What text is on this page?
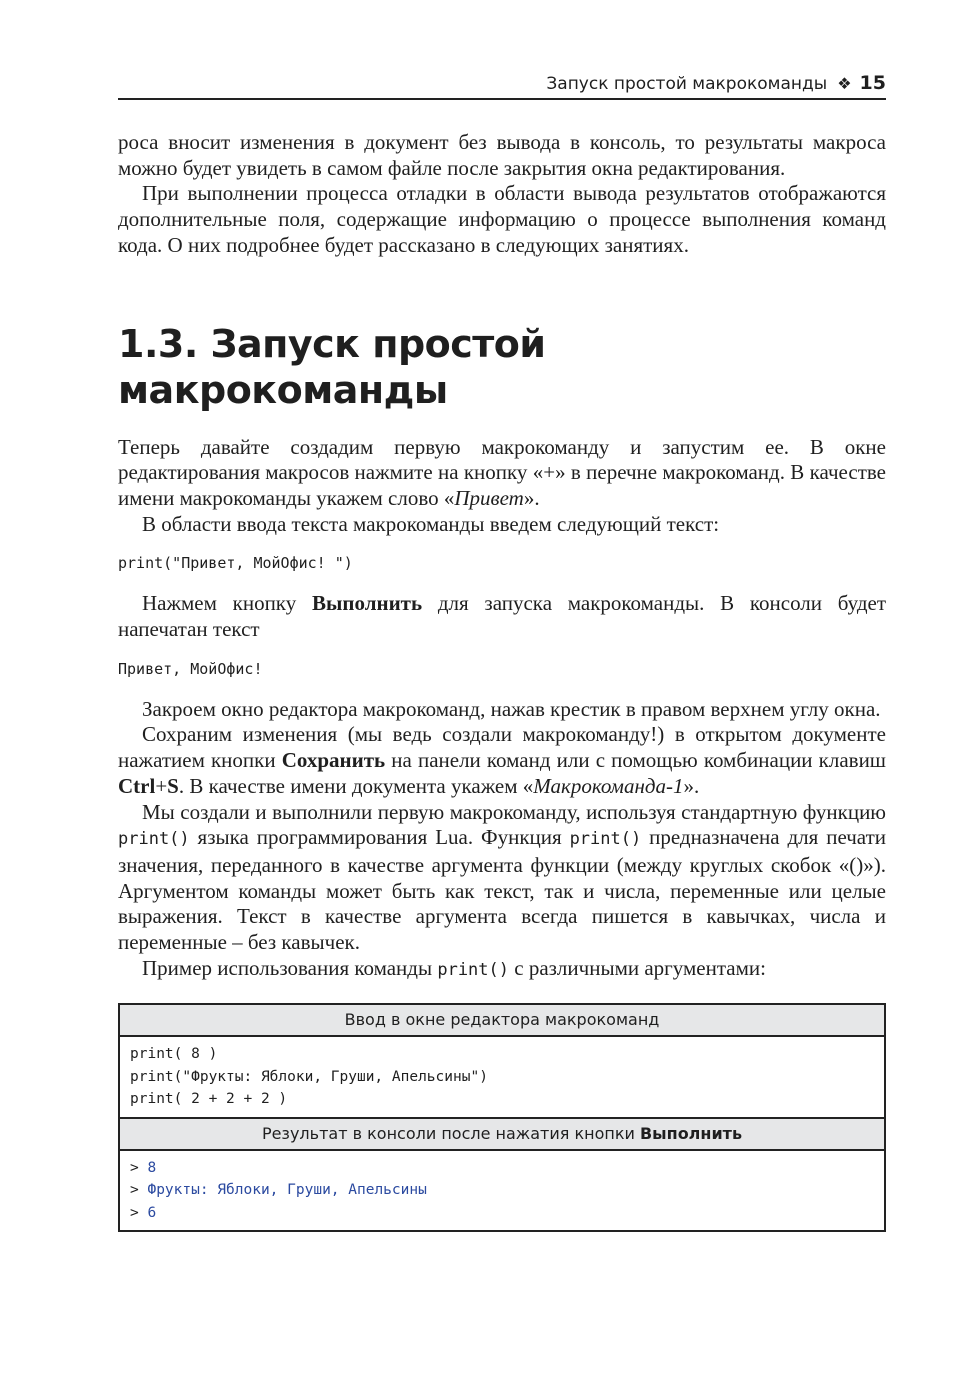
Запуск простой макрокоманды ❖ 15

роса вносит изменения в документ без вывода в консоль, то результаты макроса можно будет увидеть в самом файле после закрытия окна редактирования.

При выполнении процесса отладки в области вывода результатов отображаются дополнительные поля, содержащие информацию о процессе выполнения команд кода. О них подробнее будет рассказано в следующих занятиях.

1.3. Запуск простой макрокоманды

Теперь давайте создадим первую макрокоманду и запустим ее. В окне редактирования макросов нажмите на кнопку «+» в перечне макрокоманд. В качестве имени макрокоманды укажем слово «Привет».

В области ввода текста макрокоманды введем следующий текст:

print("Привет, МойОфис! ")

Нажмем кнопку Выполнить для запуска макрокоманды. В консоли будет напечатан текст

Привет, МойОфис!

Закроем окно редактора макрокоманд, нажав крестик в правом верхнем углу окна.

Сохраним изменения (мы ведь создали макрокоманду!) в открытом документе нажатием кнопки Сохранить на панели команд или с помощью комбинации клавиш Ctrl+S. В качестве имени документа укажем «Макрокоманда-1».

Мы создали и выполнили первую макрокоманду, используя стандартную функцию print() языка программирования Lua. Функция print() предназначена для печати значения, переданного в качестве аргумента функции (между круглых скобок «()»). Аргументом команды может быть как текст, так и числа, переменные или целые выражения. Текст в качестве аргумента всегда пишется в кавычках, числа и переменные – без кавычек.

Пример использования команды print() с различными аргументами:

Ввод в окне редактора макрокоманд
print( 8 )
print("Фрукты: Яблоки, Груши, Апельсины")
print( 2 + 2 + 2 )
Результат в консоли после нажатия кнопки Выполнить
> 8
> Фрукты: Яблоки, Груши, Апельсины
> 6
